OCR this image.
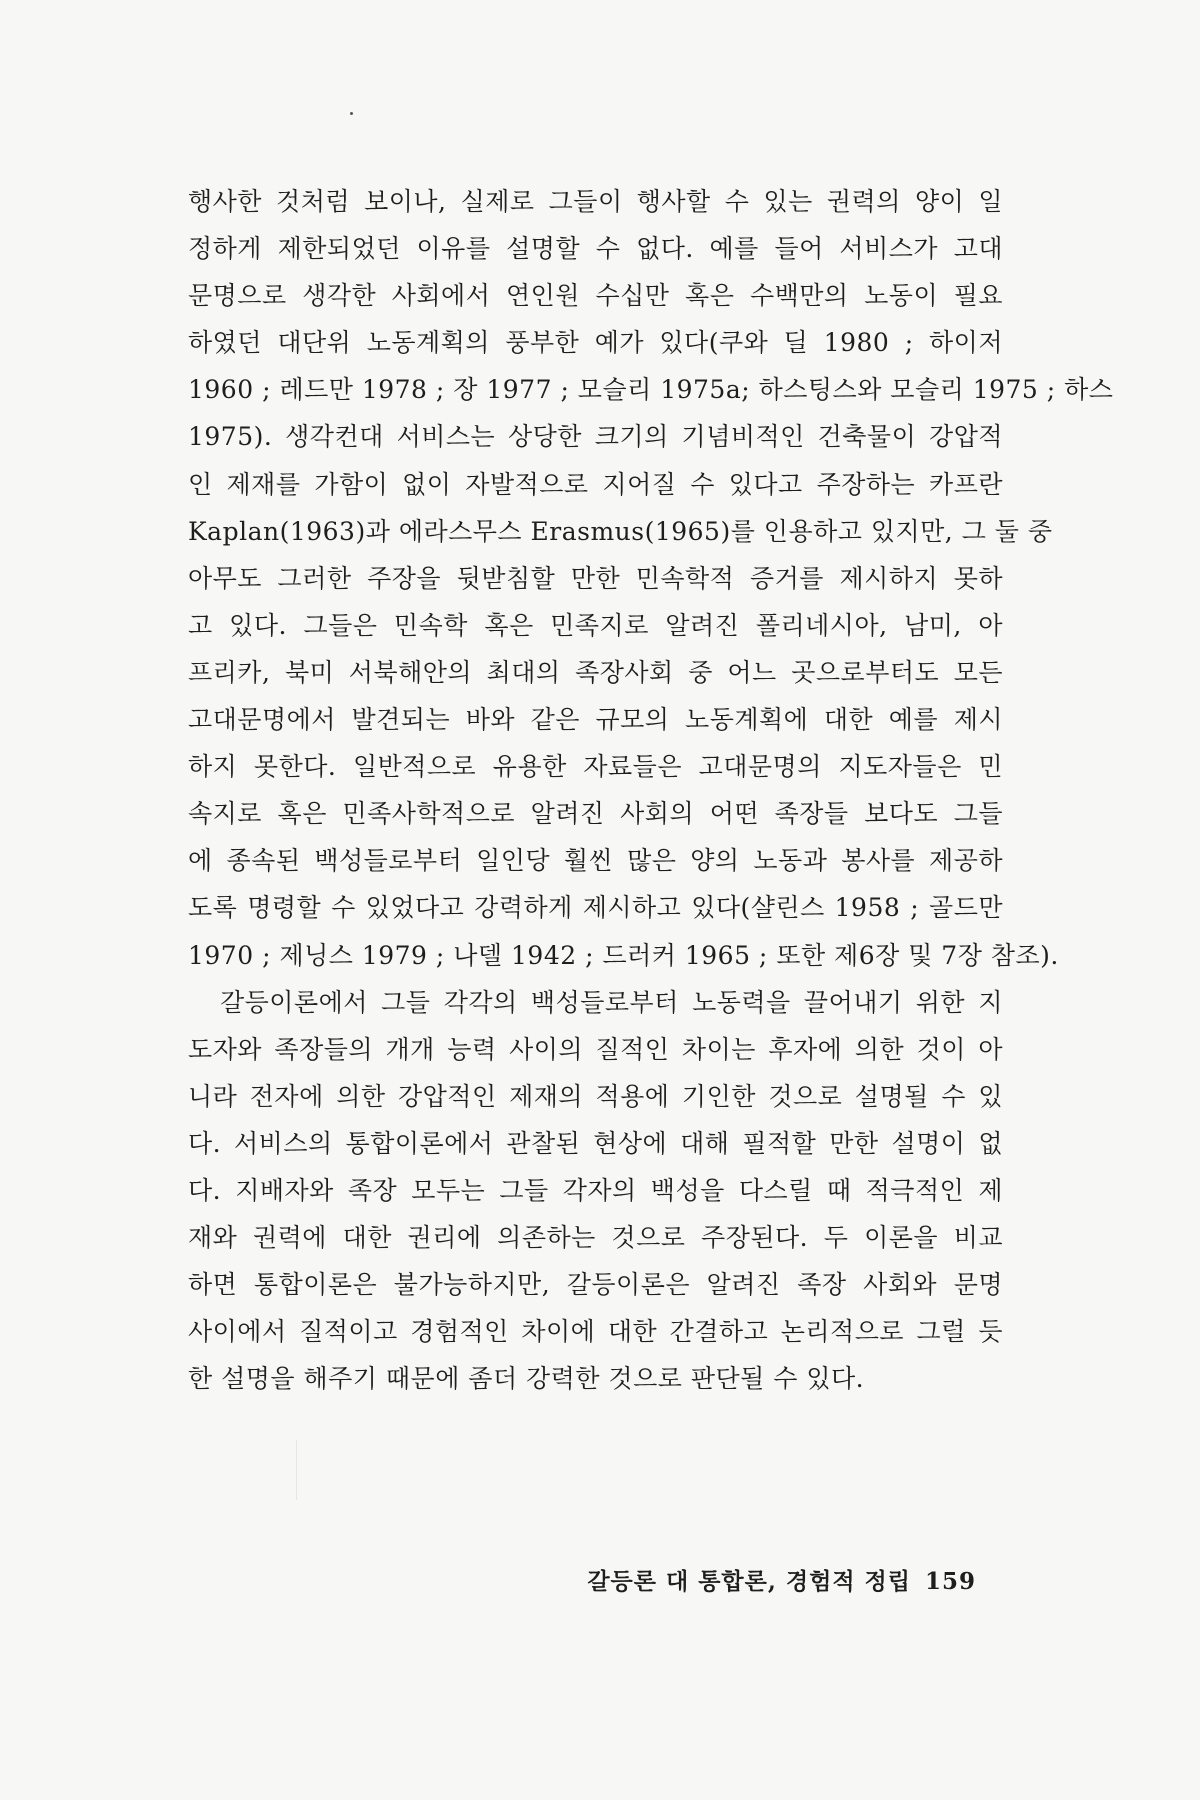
행사한 것처럼 보이나, 실제로 그들이 행사할 수 있는 권력의 양이 일
정하게 제한되었던 이유를 설명할 수 없다. 예를 들어 서비스가 고대
문명으로 생각한 사회에서 연인원 수십만 혹은 수백만의 노동이 필요
하였던 대단위 노동계획의 풍부한 예가 있다(쿠와 딜 1980 ; 하이저
1960 ; 레드만 1978 ; 장 1977 ; 모슬리 1975a; 하스팅스와 모슬리 1975 ; 하스
1975). 생각컨대 서비스는 상당한 크기의 기념비적인 건축물이 강압적
인 제재를 가함이 없이 자발적으로 지어질 수 있다고 주장하는 카프란
Kaplan(1963)과 에라스무스 Erasmus(1965)를 인용하고 있지만, 그 둘 중
아무도 그러한 주장을 뒷받침할 만한 민속학적 증거를 제시하지 못하
고 있다. 그들은 민속학 혹은 민족지로 알려진 폴리네시아, 남미, 아
프리카, 북미 서북해안의 최대의 족장사회 중 어느 곳으로부터도 모든
고대문명에서 발견되는 바와 같은 규모의 노동계획에 대한 예를 제시
하지 못한다. 일반적으로 유용한 자료들은 고대문명의 지도자들은 민
속지로 혹은 민족사학적으로 알려진 사회의 어떤 족장들 보다도 그들
에 종속된 백성들로부터 일인당 훨씬 많은 양의 노동과 봉사를 제공하
도록 명령할 수 있었다고 강력하게 제시하고 있다(샬린스 1958 ; 골드만
1970 ; 제닝스 1979 ; 나델 1942 ; 드러커 1965 ; 또한 제6장 및 7장 참조).
갈등이론에서 그들 각각의 백성들로부터 노동력을 끌어내기 위한 지
도자와 족장들의 개개 능력 사이의 질적인 차이는 후자에 의한 것이 아
니라 전자에 의한 강압적인 제재의 적용에 기인한 것으로 설명될 수 있
다. 서비스의 통합이론에서 관찰된 현상에 대해 필적할 만한 설명이 없
다. 지배자와 족장 모두는 그들 각자의 백성을 다스릴 때 적극적인 제
재와 권력에 대한 권리에 의존하는 것으로 주장된다. 두 이론을 비교
하면 통합이론은 불가능하지만, 갈등이론은 알려진 족장 사회와 문명
사이에서 질적이고 경험적인 차이에 대한 간결하고 논리적으로 그럴 듯
한 설명을 해주기 때문에 좀더 강력한 것으로 판단될 수 있다.
갈등론 대 통합론, 경험적 정립 159
